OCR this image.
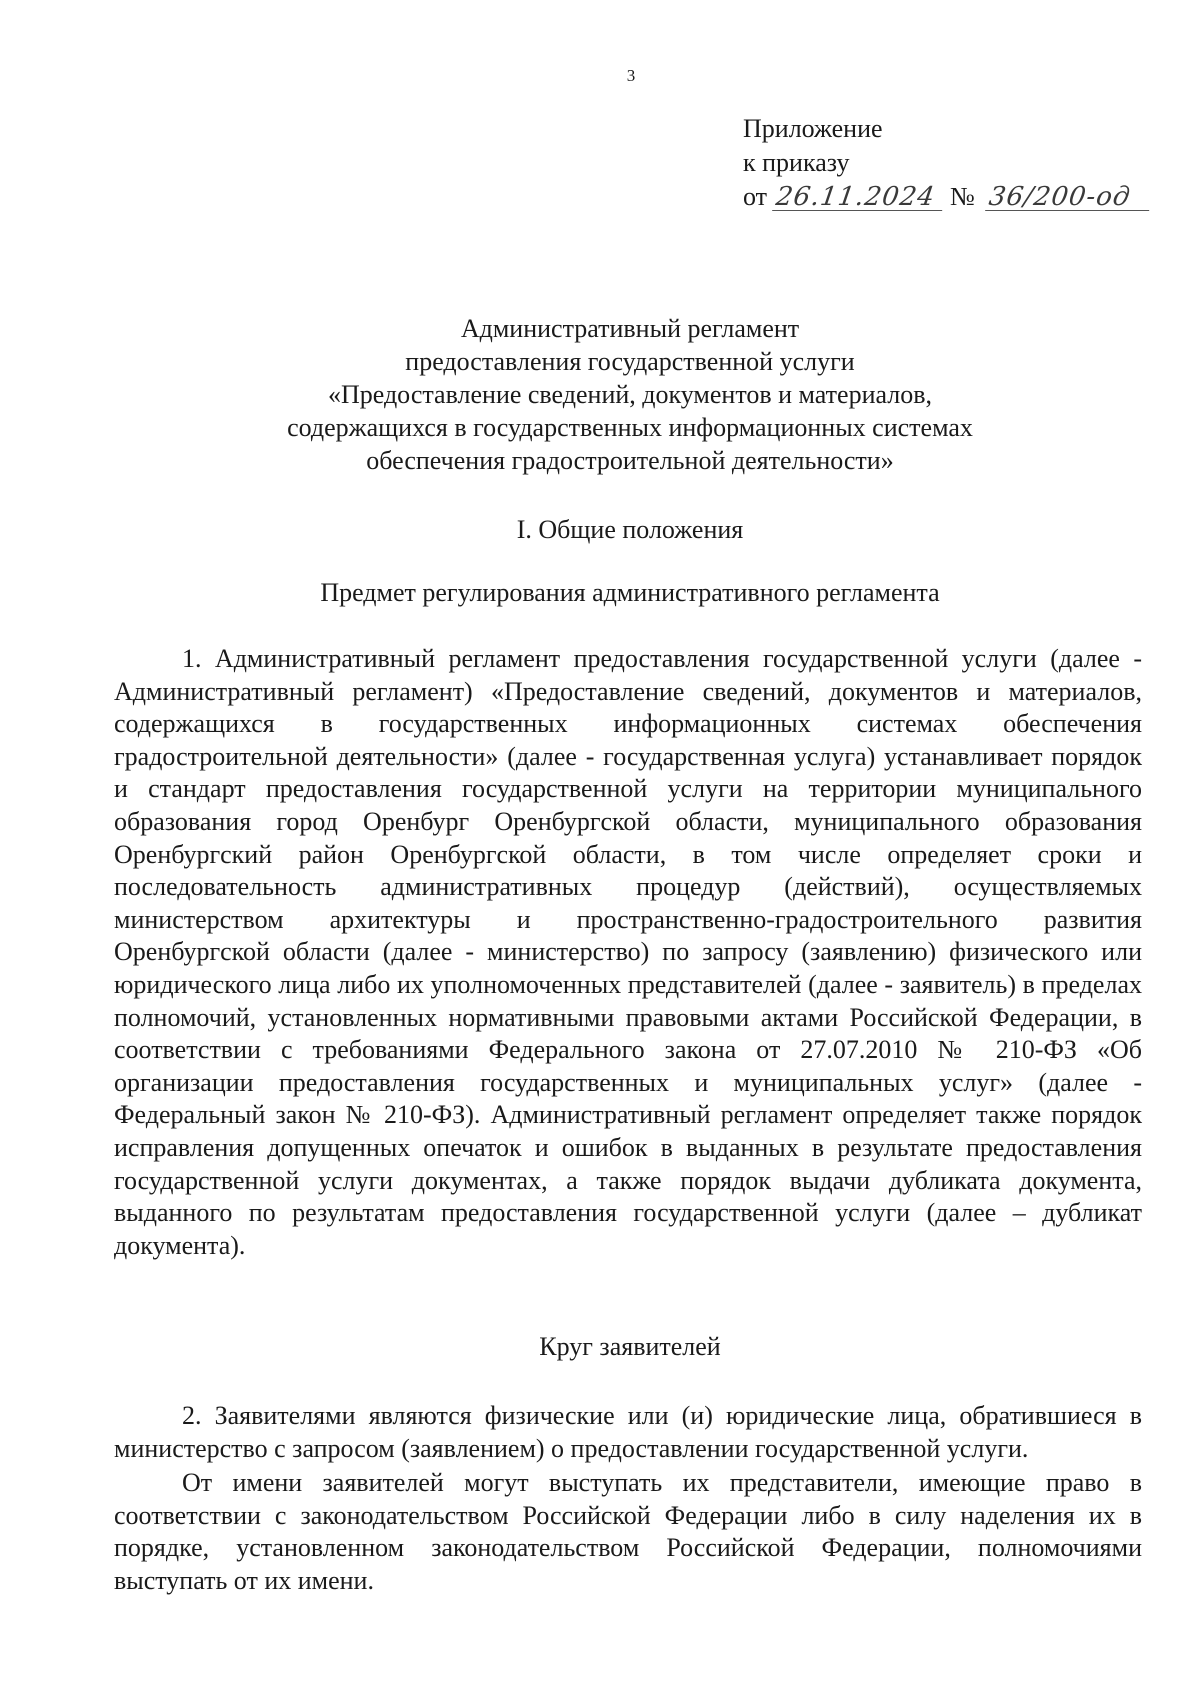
3
Приложение
к приказу
от 26.11.2024 № 36/200-од
Административный регламент
предоставления государственной услуги
«Предоставление сведений, документов и материалов,
содержащихся в государственных информационных системах
обеспечения градостроительной деятельности»
I. Общие положения
Предмет регулирования административного регламента

1. Административный регламент предоставления государственной услуги (далее - Административный регламент) «Предоставление сведений, документов и материалов, содержащихся в государственных информационных системах обеспечения градостроительной деятельности» (далее - государственная услуга) устанавливает порядок и стандарт предоставления государственной услуги на территории муниципального образования город Оренбург Оренбургской области, муниципального образования Оренбургский район Оренбургской области, в том числе определяет сроки и последовательность административных процедур (действий), осуществляемых министерством архитектуры и пространственно-градостроительного развития Оренбургской области (далее - министерство) по запросу (заявлению) физического или юридического лица либо их уполномоченных представителей (далее - заявитель) в пределах полномочий, установленных нормативными правовыми актами Российской Федерации, в соответствии с требованиями Федерального закона от 27.07.2010 № 210-ФЗ «Об организации предоставления государственных и муниципальных услуг» (далее - Федеральный закон № 210-ФЗ). Административный регламент определяет также порядок исправления допущенных опечаток и ошибок в выданных в результате предоставления государственной услуги документах, а также порядок выдачи дубликата документа, выданного по результатам предоставления государственной услуги (далее – дубликат документа).

Круг заявителей

2. Заявителями являются физические или (и) юридические лица, обратившиеся в министерство с запросом (заявлением) о предоставлении государственной услуги.

От имени заявителей могут выступать их представители, имеющие право в соответствии с законодательством Российской Федерации либо в силу наделения их в порядке, установленном законодательством Российской Федерации, полномочиями выступать от их имени.
